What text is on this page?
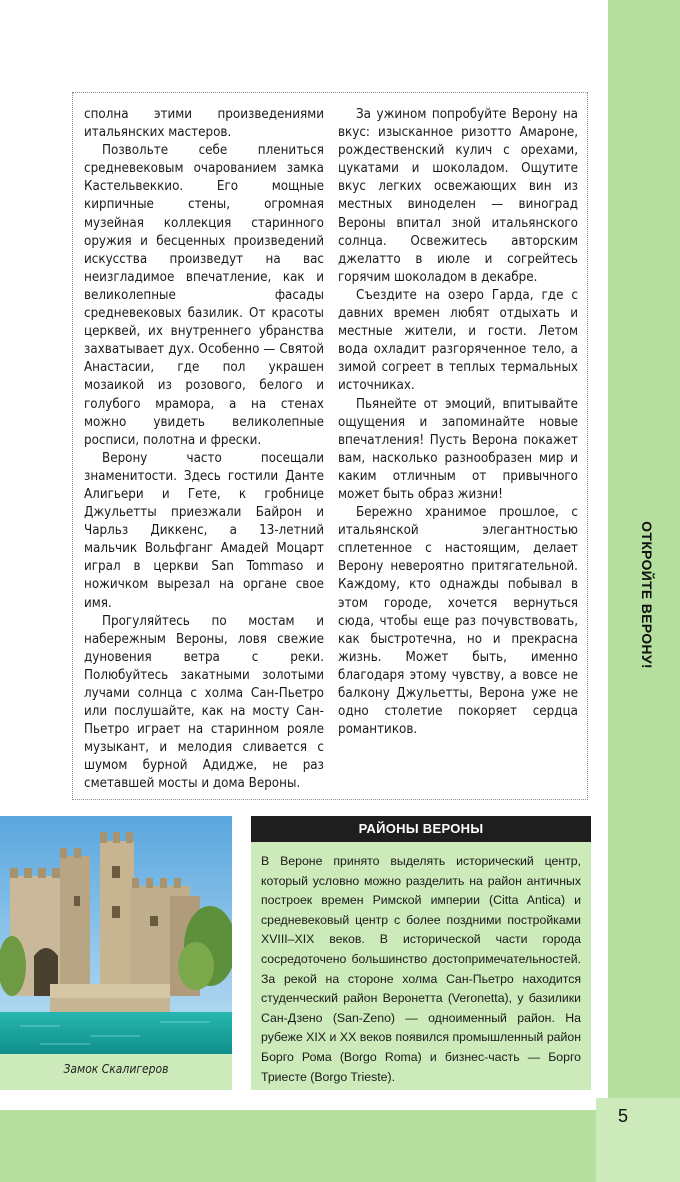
ОТКРОЙТЕ ВЕРОНУ!

сполна этими произведениями итальянских мастеров.

Позвольте себе плениться средневековым очарованием замка Кастельвеккио. Его мощные кирпичные стены, огромная музейная коллекция старинного оружия и бесценных произведений искусства произведут на вас неизгладимое впечатление, как и великолепные фасады средневековых базилик. От красоты церквей, их внутреннего убранства захватывает дух. Особенно — Святой Анастасии, где пол украшен мозаикой из розового, белого и голубого мрамора, а на стенах можно увидеть великолепные росписи, полотна и фрески.

Верону часто посещали знаменитости. Здесь гостили Данте Алигьери и Гете, к гробнице Джульетты приезжали Байрон и Чарльз Диккенс, а 13-летний мальчик Вольфганг Амадей Моцарт играл в церкви San Tommaso и ножичком вырезал на органе свое имя.

Прогуляйтесь по мостам и набережным Вероны, ловя свежие дуновения ветра с реки. Полюбуйтесь закатными золотыми лучами солнца с холма Сан-Пьетро или послушайте, как на мосту Сан-Пьетро играет на старинном рояле музыкант, и мелодия сливается с шумом бурной Адидже, не раз сметавшей мосты и дома Вероны.

За ужином попробуйте Верону на вкус: изысканное ризотто Амароне, рождественский кулич с орехами, цукатами и шоколадом. Ощутите вкус легких освежающих вин из местных виноделен — виноград Вероны впитал зной итальянского солнца. Освежитесь авторским джелатто в июле и согрейтесь горячим шоколадом в декабре.

Съездите на озеро Гарда, где с давних времен любят отдыхать и местные жители, и гости. Летом вода охладит разгоряченное тело, а зимой согреет в теплых термальных источниках.

Пьянейте от эмоций, впитывайте ощущения и запоминайте новые впечатления! Пусть Верона покажет вам, насколько разнообразен мир и каким отличным от привычного может быть образ жизни!

Бережно хранимое прошлое, с итальянской элегантностью сплетенное с настоящим, делает Верону невероятно притягательной. Каждому, кто однажды побывал в этом городе, хочется вернуться сюда, чтобы еще раз почувствовать, как быстротечна, но и прекрасна жизнь. Может быть, именно благодаря этому чувству, а вовсе не балкону Джульетты, Верона уже не одно столетие покоряет сердца романтиков.

Замок Скалигеров
РАЙОНЫ ВЕРОНЫ

В Вероне принято выделять исторический центр, который условно можно разделить на район античных построек времен Римской империи (Citta Antica) и средневековый центр с более поздними постройками XVIII–XIX веков. В исторической части города сосредоточено большинство достопримечательностей. За рекой на стороне холма Сан-Пьетро находится студенческий район Веронетта (Veronetta), у базилики Сан-Дзено (San-Zeno) — одноименный район. На рубеже XIX и XX веков появился промышленный район Борго Рома (Borgo Roma) и бизнес-часть — Борго Триесте (Borgo Trieste).

5
